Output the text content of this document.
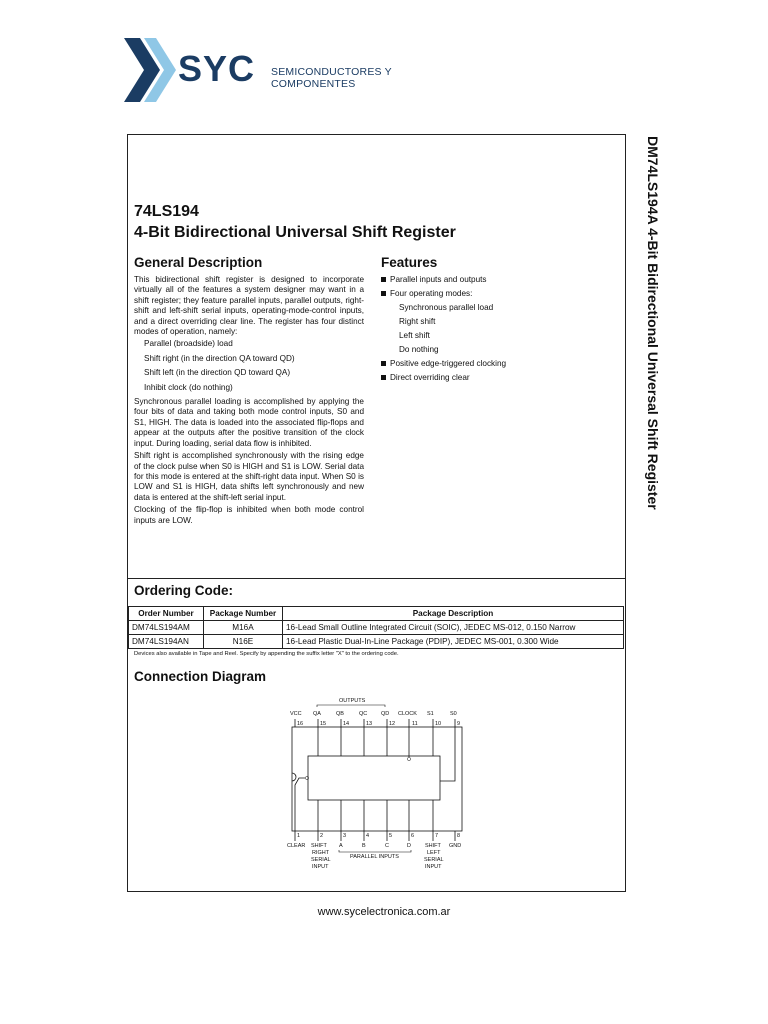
SYC SEMICONDUCTORES Y COMPONENTES
DM74LS194A 4-Bit Bidirectional Universal Shift Register
74LS194
4-Bit Bidirectional Universal Shift Register
General Description	Features

This bidirectional shift register is designed to incorporate virtually all of the features a system designer may want in a shift register; they feature parallel inputs, parallel outputs, right-shift and left-shift serial inputs, operating-mode-control inputs, and a direct overriding clear line. The register has four distinct modes of operation, namely:

Parallel (broadside) load
Shift right (in the direction QA toward QD)
Shift left (in the direction QD toward QA)
Inhibit clock (do nothing)

Synchronous parallel loading is accomplished by applying the four bits of data and taking both mode control inputs, S0 and S1, HIGH. The data is loaded into the associated flip-flops and appear at the outputs after the positive transition of the clock input. During loading, serial data flow is inhibited.

Shift right is accomplished synchronously with the rising edge of the clock pulse when S0 is HIGH and S1 is LOW. Serial data for this mode is entered at the shift-right data input. When S0 is LOW and S1 is HIGH, data shifts left synchronously and new data is entered at the shift-left serial input.

Clocking of the flip-flop is inhibited when both mode control inputs are LOW.

Parallel inputs and outputs
Four operating modes:
Synchronous parallel load
Right shift
Left shift
Do nothing
Positive edge-triggered clocking
Direct overriding clear
Ordering Code:
Order Number	Package Number	Package Description
DM74LS194AM	M16A	16-Lead Small Outline Integrated Circuit (SOIC), JEDEC MS-012, 0.150 Narrow
DM74LS194AN	N16E	16-Lead Plastic Dual-In-Line Package (PDIP), JEDEC MS-001, 0.300 Wide
Devices also available in Tape and Reel. Specify by appending the suffix letter "X" to the ordering code.
Connection Diagram
OUTPUTS
VCC QA	QB	QC	QD CLOCK S1	S0
16	15	14	13	12	11	10	9
1	2	3	4	5	6	7	8
CLEAR SHIFT A	B	C	D	SHIFT GND
RIGHT
SERIAL
INPUT
LEFT
SERIAL
INPUT
PARALLEL INPUTS
www.sycelectronica.com.ar
